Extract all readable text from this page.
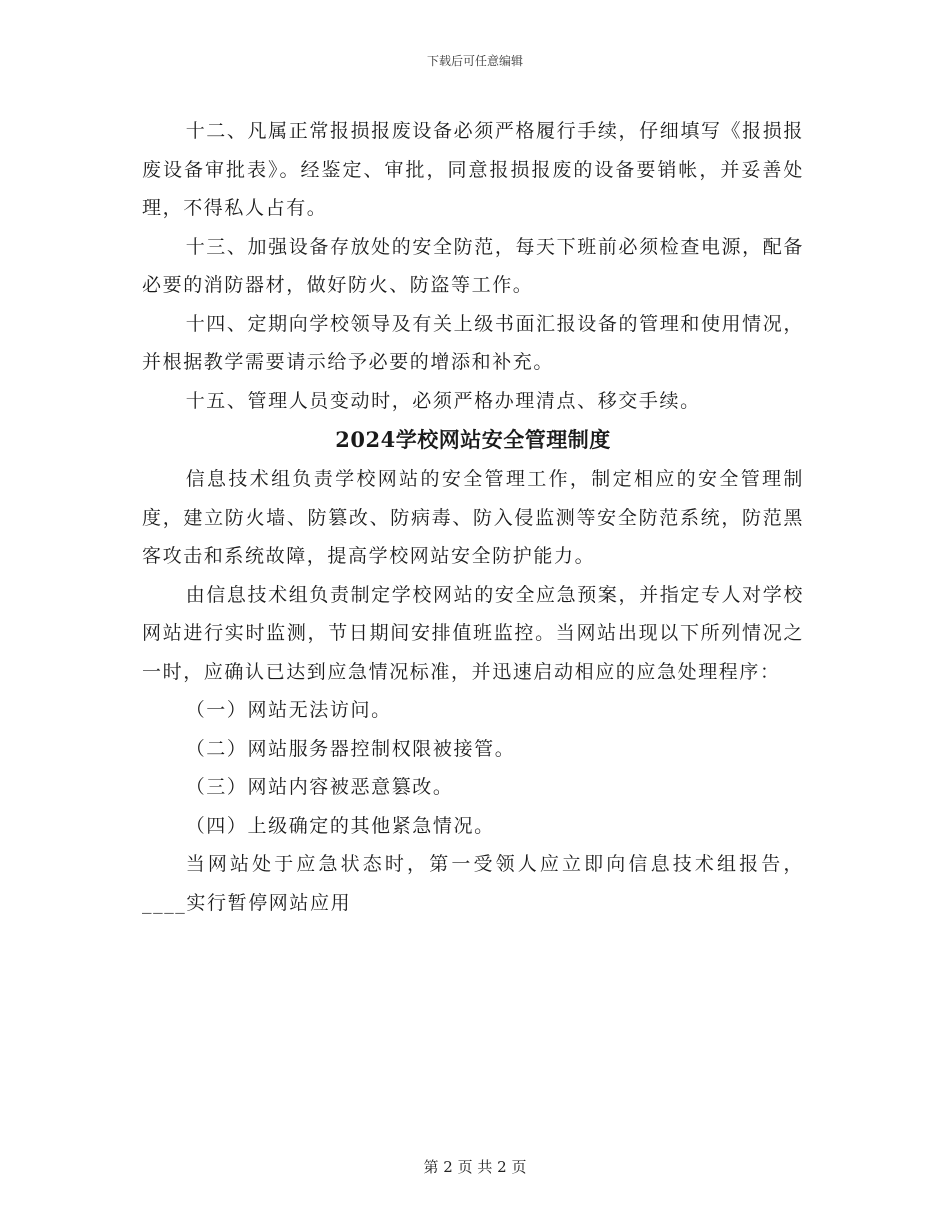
下载后可任意编辑

十二、凡属正常报损报废设备必须严格履行手续，仔细填写《报损报废设备审批表》。经鉴定、审批，同意报损报废的设备要销帐，并妥善处理，不得私人占有。

十三、加强设备存放处的安全防范，每天下班前必须检查电源，配备必要的消防器材，做好防火、防盗等工作。

十四、定期向学校领导及有关上级书面汇报设备的管理和使用情况，并根据教学需要请示给予必要的增添和补充。

十五、管理人员变动时，必须严格办理清点、移交手续。

2024学校网站安全管理制度

信息技术组负责学校网站的安全管理工作，制定相应的安全管理制度，建立防火墙、防篡改、防病毒、防入侵监测等安全防范系统，防范黑客攻击和系统故障，提高学校网站安全防护能力。

由信息技术组负责制定学校网站的安全应急预案，并指定专人对学校网站进行实时监测，节日期间安排值班监控。当网站出现以下所列情况之一时，应确认已达到应急情况标准，并迅速启动相应的应急处理程序：

（一）网站无法访问。

（二）网站服务器控制权限被接管。

（三）网站内容被恶意篡改。

（四）上级确定的其他紧急情况。

当网站处于应急状态时，第一受领人应立即向信息技术组报告，____实行暂停网站应用

第 2 页 共 2 页
